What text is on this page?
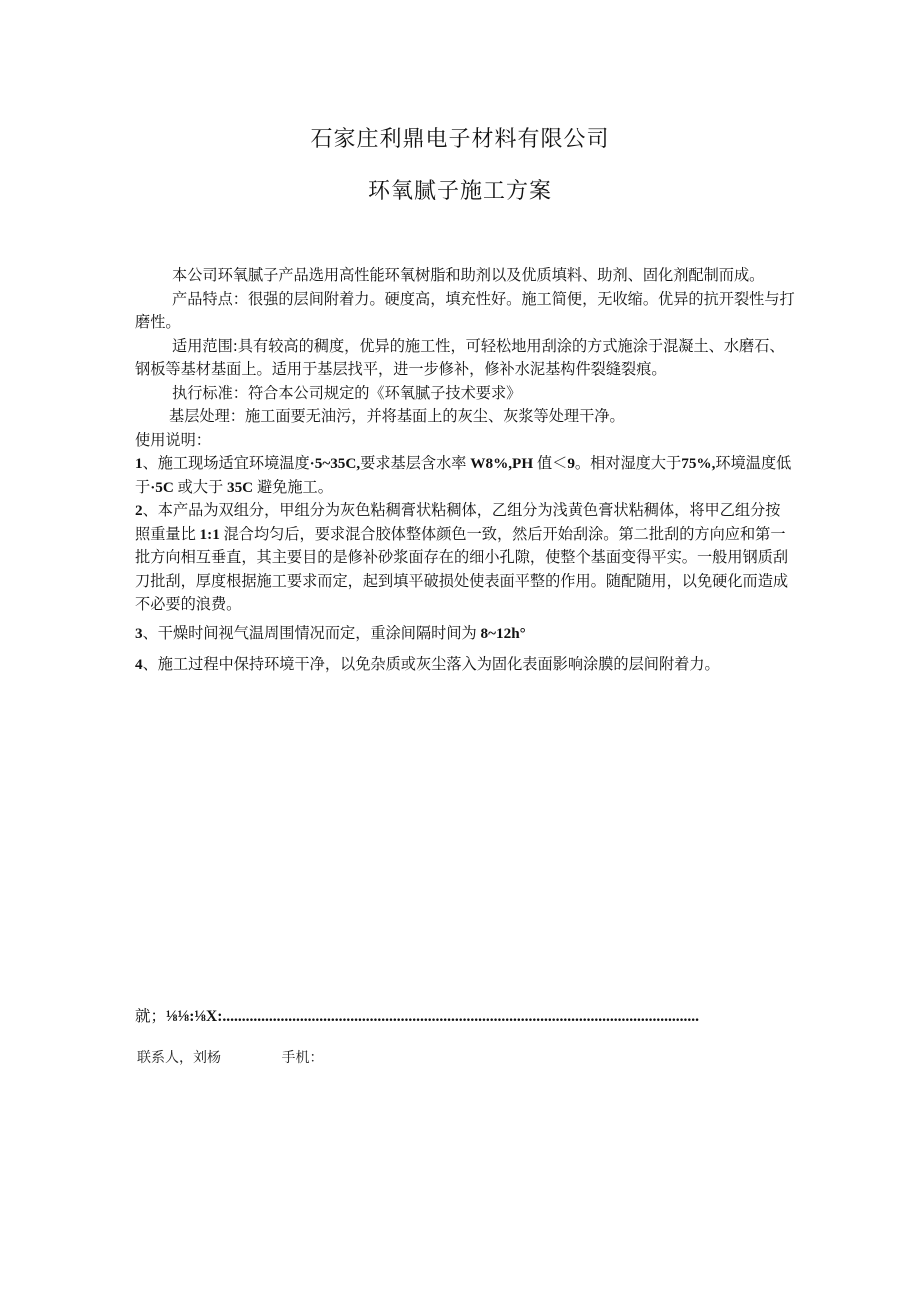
石家庄利鼎电子材料有限公司
环氧腻子施工方案

本公司环氧腻子产品选用高性能环氧树脂和助剂以及优质填料、助剂、固化剂配制而成。

产品特点：很强的层间附着力。硬度高，填充性好。施工简便，无收缩。优异的抗开裂性与打磨性。

适用范围:具有较高的稠度，优异的施工性，可轻松地用刮涂的方式施涂于混凝土、水磨石、钢板等基材基面上。适用于基层找平，进一步修补，修补水泥基构件裂缝裂痕。

执行标准：符合本公司规定的《环氧腻子技术要求》

基层处理：施工面要无油污，并将基面上的灰尘、灰浆等处理干净。

使用说明：

1、施工现场适宜环境温度·5~35C,要求基层含水率 W8%,PH 值＜9。相对湿度大于75%,环境温度低于·5C 或大于 35C 避免施工。

2、本产品为双组分，甲组分为灰色粘稠膏状粘稠体，乙组分为浅黄色膏状粘稠体，将甲乙组分按照重量比 1:1 混合均匀后，要求混合胶体整体颜色一致，然后开始刮涂。第二批刮的方向应和第一批方向相互垂直，其主要目的是修补砂浆面存在的细小孔隙，使整个基面变得平实。一般用钢质刮刀批刮，厚度根据施工要求而定，起到填平破损处使表面平整的作用。随配随用，以免硬化而造成不必要的浪费。

3、干燥时间视气温周围情况而定，重涂间隔时间为 8~12h°

4、施工过程中保持环境干净，以免杂质或灰尘落入为固化表面影响涂膜的层间附着力。

就；⅛⅛:⅛X:...........................................................................................................................
联系人，刘杨	手机：
